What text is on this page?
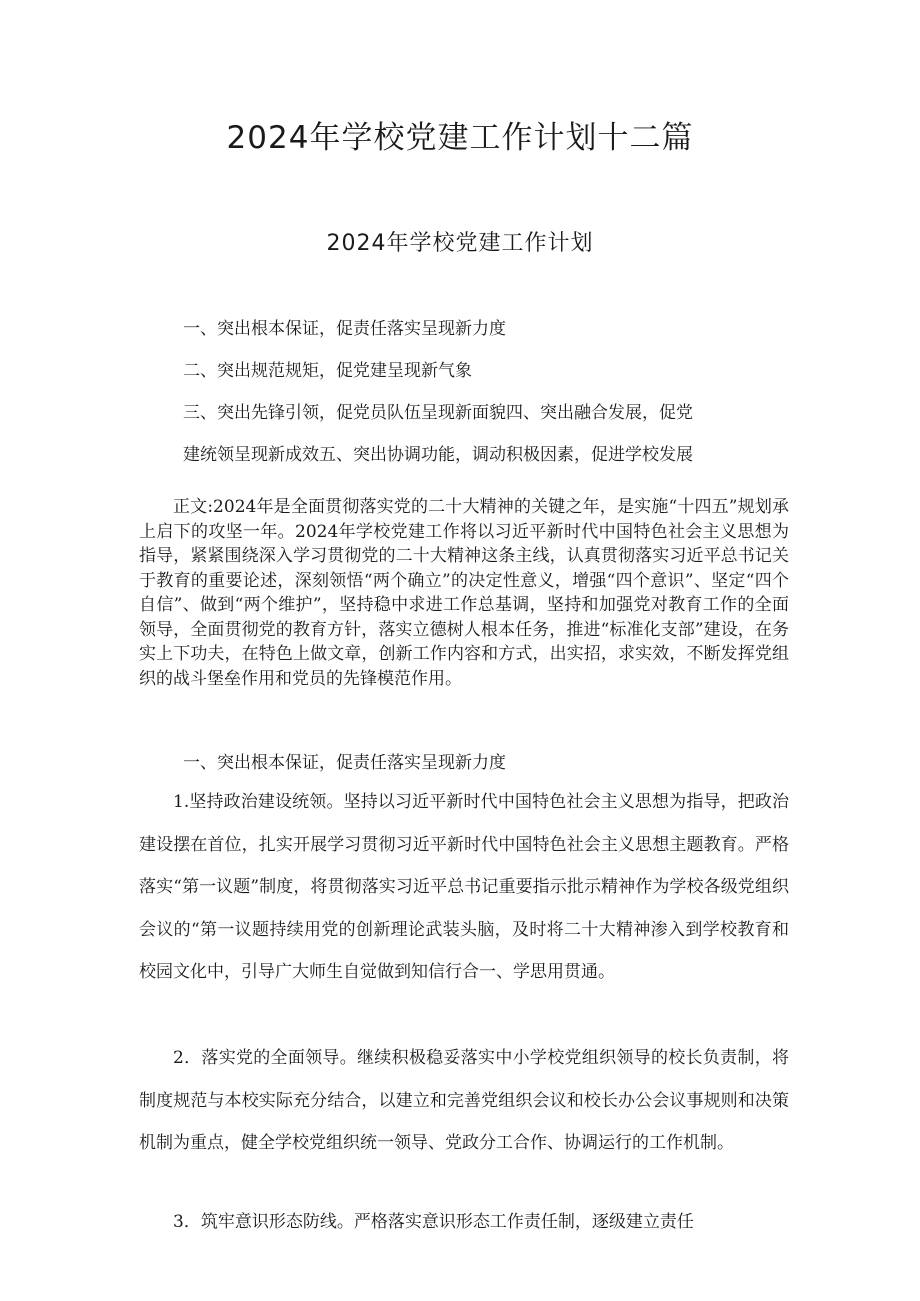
2024年学校党建工作计划十二篇
2024年学校党建工作计划

一、突出根本保证，促责任落实呈现新力度

二、突出规范规矩，促党建呈现新气象

三、突出先锋引领，促党员队伍呈现新面貌四、突出融合发展，促党
建统领呈现新成效五、突出协调功能，调动积极因素，促进学校发展

正文:2024年是全面贯彻落实党的二十大精神的关键之年，是实施“十四五”规划承上启下的攻坚一年。2024年学校党建工作将以习近平新时代中国特色社会主义思想为指导，紧紧围绕深入学习贯彻党的二十大精神这条主线，认真贯彻落实习近平总书记关于教育的重要论述，深刻领悟“两个确立”的决定性意义，增强“四个意识”、坚定“四个自信”、做到“两个维护”，坚持稳中求进工作总基调，坚持和加强党对教育工作的全面领导，全面贯彻党的教育方针，落实立德树人根本任务，推进“标准化支部”建设，在务实上下功夫，在特色上做文章，创新工作内容和方式，出实招，求实效，不断发挥党组织的战斗堡垒作用和党员的先锋模范作用。

一、突出根本保证，促责任落实呈现新力度

1.坚持政治建设统领。坚持以习近平新时代中国特色社会主义思想为指导，把政治建设摆在首位，扎实开展学习贯彻习近平新时代中国特色社会主义思想主题教育。严格落实“第一议题”制度，将贯彻落实习近平总书记重要指示批示精神作为学校各级党组织会议的“第一议题持续用党的创新理论武装头脑，及时将二十大精神渗入到学校教育和校园文化中，引导广大师生自觉做到知信行合一、学思用贯通。

2．落实党的全面领导。继续积极稳妥落实中小学校党组织领导的校长负责制，将制度规范与本校实际充分结合，以建立和完善党组织会议和校长办公会议事规则和决策机制为重点，健全学校党组织统一领导、党政分工合作、协调运行的工作机制。

3．筑牢意识形态防线。严格落实意识形态工作责任制，逐级建立责任
